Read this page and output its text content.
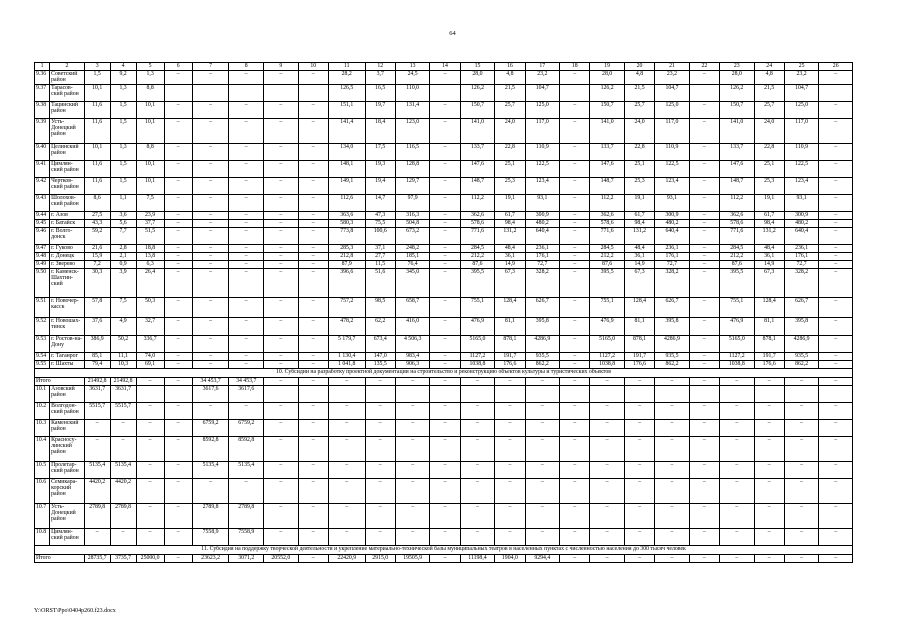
64
1	2	3	4	5	6	7	8	9	10	11	12	13	14	15	16	17	18	19	20	21	22	23	24	25	26
9.36	Советский район	1,5	9,2	1,3	–	–	–	–	–	28,2	3,7	24,5	–	28,0	4,8	23,2	–	28,0	4,8	23,2	–	28,0	4,8	23,2	–
9.37	Тарасов-ский район	10,1	1,3	8,8						126,5	16,5	110,0		126,2	21,5	104,7		126,2	21,5	104,7		126,2	21,5	104,7	
9.38	Тацинский район	11,6	1,5	10,1	–	–	–	–	–	151,1	19,7	131,4	–	150,7	25,7	125,0	–	150,7	25,7	125,0	–	150,7	25,7	125,0	–
9.39	Усть-Донецкий район	11,6	1,5	10,1	–	–	–	–	–	141,4	18,4	123,0	–	141,0	24,0	117,0	–	141,0	24,0	117,0	–	141,0	24,0	117,0	–
9.40	Целинский район	10,1	1,3	8,8	–	–	–	–	–	134,0	17,5	116,5	–	133,7	22,8	110,9	–	133,7	22,8	110,9	–	133,7	22,8	110,9	–
9.41	Цимлян-ский район	11,6	1,5	10,1	–	–	–	–	–	148,1	19,3	128,8	–	147,6	25,1	122,5	–	147,6	25,1	122,5	–	147,6	25,1	122,5	–
9.42	Чертков-ский район	11,6	1,5	10,1	–	–	–	–	–	149,1	19,4	129,7	–	148,7	25,3	123,4	–	148,7	25,3	123,4	–	148,7	25,3	123,4	–
9.43	Шолохов-ский район	8,6	1,1	7,5	–	–	–	–	–	112,6	14,7	97,9	–	112,2	19,1	93,1	–	112,2	19,1	93,1	–	112,2	19,1	93,1	–
9.44	г. Азов	27,5	3,6	23,9	–	–	–	–	–	363,6	47,3	316,3	–	362,6	61,7	300,9	–	362,6	61,7	300,9	–	362,6	61,7	300,9	–
9.45	г. Батайск	43,3	5,6	37,7	–	–	–	–	–	580,3	75,5	504,8	–	578,6	98,4	480,2	–	578,6	98,4	480,2	–	578,6	98,4	480,2	–
9.46	г. Волго-донск	59,2	7,7	51,5	–	–	–	–	–	773,8	100,6	673,2	–	771,6	131,2	640,4	–	771,6	131,2	640,4	–	771,6	131,2	640,4	–
9.47	г. Гуково	21,6	2,8	18,8	–	–	–	–	–	285,3	37,1	248,2	–	284,5	48,4	236,1	–	284,5	48,4	236,1	–	284,5	48,4	236,1	–
9.48	г. Донецк	15,9	2,1	13,8	–	–	–	–	–	212,8	27,7	185,1	–	212,2	36,1	176,1	–	212,2	36,1	176,1	–	212,2	36,1	176,1	–
9.49	г. Зверево	7,2	0,9	6,3	–	–	–	–	–	87,9	11,5	76,4	–	87,6	14,9	72,7	–	87,6	14,9	72,7	–	87,6	14,9	72,7	–
9.50	г. Каменск-Шахтин-ский	30,3	3,9	26,4	–	–	–	–	–	396,6	51,6	345,0	–	395,5	67,3	328,2	–	395,5	67,3	328,2	–	395,5	67,3	328,2	–
9.51	г. Новочер-касск	57,8	7,5	50,3	–	–	–	–	–	757,2	98,5	658,7	–	755,1	128,4	626,7	–	755,1	128,4	626,7	–	755,1	128,4	626,7	–
9.52	г. Новошах-тинск	37,6	4,9	32,7	–	–	–	–	–	478,2	62,2	416,0	–	476,9	81,1	395,8	–	476,9	81,1	395,8	–	476,9	81,1	395,8	–
9.53	г. Ростов-на-Дону	386,9	50,2	336,7	–	–	–	–	–	5 179,7	673,4	4 506,3	–	5165,0	878,1	4286,9	–	5165,0	878,1	4286,9	–	5165,0	878,1	4286,9	–
9.54	г. Таганрог	85,1	11,1	74,0	–	–	–	–	–	1 130,4	147,0	983,4	–	1127,2	191,7	935,5	–	1127,2	191,7	935,5	–	1127,2	191,7	935,5	–
9.55	г. Шахты	79,4	10,3	69,1	–	–	–	–	–	1 041,8	135,5	906,3	–	1038,8	176,6	862,2	–	1038,8	176,6	862,2	–	1038,8	176,6	862,2	–
10. Субсидии на разработку проектной документации на строительство и реконструкцию объектов культуры и туристических объектов																									
Итого		21492,8	21492,8	–	–	34 453,7	34 453,7	–	–	–	–	–	–	–	–	–	–	–	–	–	–	–	–	–	–
10.1	Азовский район	3631,7	3631,7			3617,6	3617,6																		
10.2	Волгодон-ский район	5515,7	5515,7	–	–	–	–	–	–	–	–	–	–	–	–	–	–	–	–	–	–	–	–	–	–
10.3	Каменский район	–	–	–	–	6759,2	6759,2	–	–	–	–	–	–	–	–	–	–	–	–	–	–	–	–	–	–
10.4	Красносу-линский район	–	–	–	–	8592,8	8592,8	–	–	–	–	–	–	–	–	–	–	–	–	–	–	–	–	–	–
10.5	Пролетар-ский район	5135,4	5135,4	–	–	5135,4	5135,4	–	–	–	–	–	–	–	–	–	–	–	–	–	–	–	–	–	–
10.6	Семикара-корский район	4420,2	4420,2	–	–	–	–	–	–	–	–	–	–	–	–	–	–	–	–	–	–	–	–	–	–
10.7	Усть-Донецкий район	2789,8	2789,8	–	–	2789,8	2789,8	–	–	–	–	–	–	–	–	–	–	–	–	–	–	–	–	–	–
10.8	Цимлян-ский район	–	–	–	–	7558,9	7558,9	–	–	–	–	–	–	–	–	–	–	–	–	–	–	–	–	–	–
11. Субсидия на поддержку творческой деятельности и укрепление материально-технической базы муниципальных театров в населенных пунктах с численностью населения до 300 тысяч человек																									
Итого		28735,7	3735,7	25000,0	–	23623,2	3071,2	20552,0	–	22420,9	2915,0	19505,9	–	11198,4	1904,0	9294,4	–	–	–	–	–	–	–	–	–
Y:\ORST\Ppo\0404p260.f23.docx
